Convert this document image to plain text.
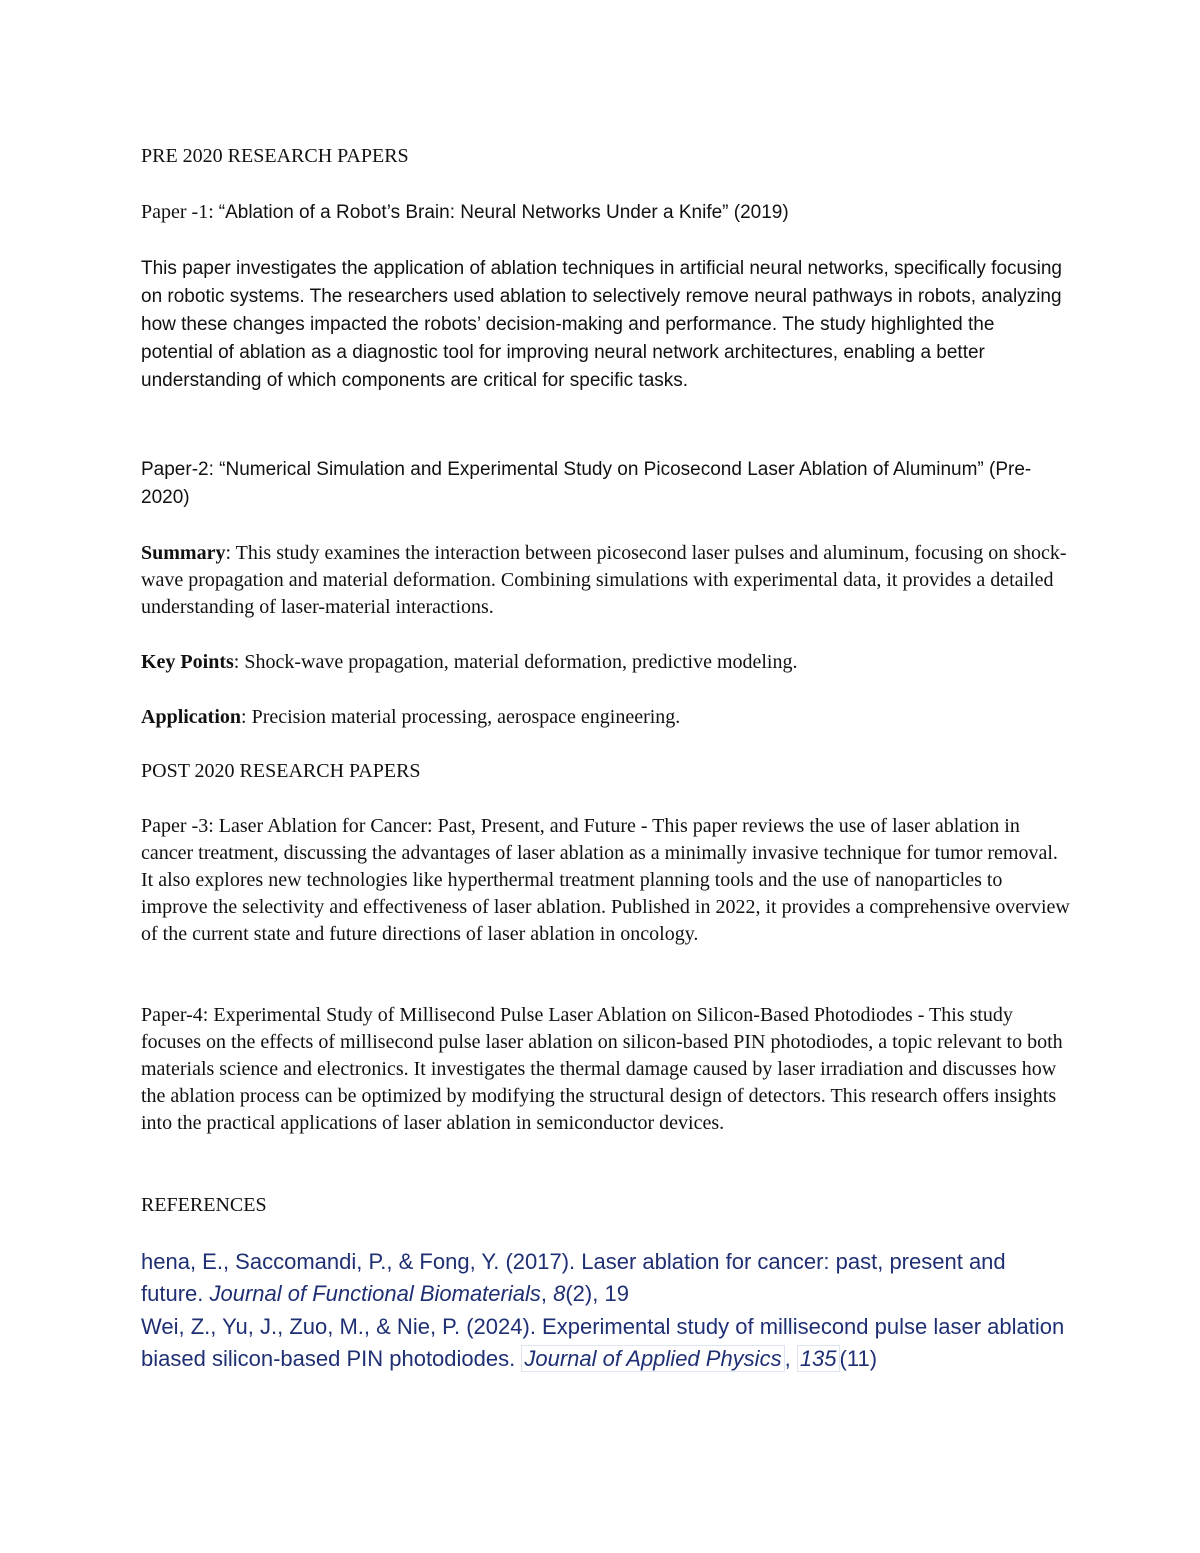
PRE 2020 RESEARCH PAPERS

Paper -1: “Ablation of a Robot’s Brain: Neural Networks Under a Knife” (2019)

This paper investigates the application of ablation techniques in artificial neural networks, specifically focusing on robotic systems. The researchers used ablation to selectively remove neural pathways in robots, analyzing how these changes impacted the robots’ decision-making and performance. The study highlighted the potential of ablation as a diagnostic tool for improving neural network architectures, enabling a better understanding of which components are critical for specific tasks.

Paper-2: “Numerical Simulation and Experimental Study on Picosecond Laser Ablation of Aluminum” (Pre-2020)

Summary: This study examines the interaction between picosecond laser pulses and aluminum, focusing on shock-wave propagation and material deformation. Combining simulations with experimental data, it provides a detailed understanding of laser-material interactions.

Key Points: Shock-wave propagation, material deformation, predictive modeling.

Application: Precision material processing, aerospace engineering.

POST 2020 RESEARCH PAPERS

Paper -3: Laser Ablation for Cancer: Past, Present, and Future - This paper reviews the use of laser ablation in cancer treatment, discussing the advantages of laser ablation as a minimally invasive technique for tumor removal. It also explores new technologies like hyperthermal treatment planning tools and the use of nanoparticles to improve the selectivity and effectiveness of laser ablation. Published in 2022, it provides a comprehensive overview of the current state and future directions of laser ablation in oncology.

Paper-4: Experimental Study of Millisecond Pulse Laser Ablation on Silicon-Based Photodiodes - This study focuses on the effects of millisecond pulse laser ablation on silicon-based PIN photodiodes, a topic relevant to both materials science and electronics. It investigates the thermal damage caused by laser irradiation and discusses how the ablation process can be optimized by modifying the structural design of detectors. This research offers insights into the practical applications of laser ablation in semiconductor devices.

REFERENCES

hena, E., Saccomandi, P., & Fong, Y. (2017). Laser ablation for cancer: past, present and future. Journal of Functional Biomaterials, 8(2), 19

Wei, Z., Yu, J., Zuo, M., & Nie, P. (2024). Experimental study of millisecond pulse laser ablation biased silicon-based PIN photodiodes. Journal of Applied Physics , 135 (11)
